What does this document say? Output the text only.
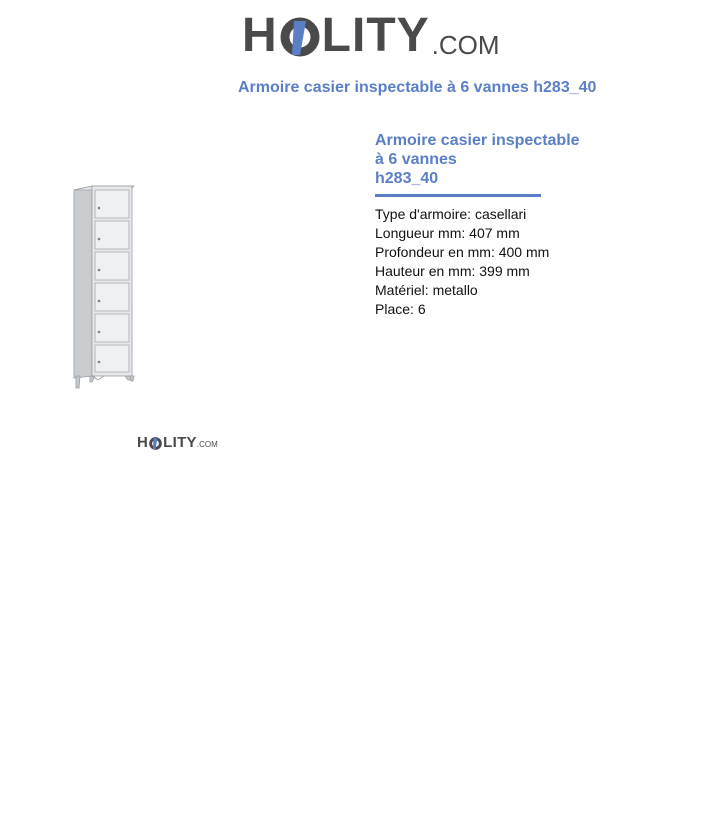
H LITY .COM
Armoire casier inspectable à 6 vannes h283_40
H LITY .COM
Armoire casier inspectable
à 6 vannes
h283_40
Type d'armoire: casellari
Longueur mm: 407 mm
Profondeur en mm: 400 mm
Hauteur en mm: 399 mm
Matériel: metallo
Place: 6
